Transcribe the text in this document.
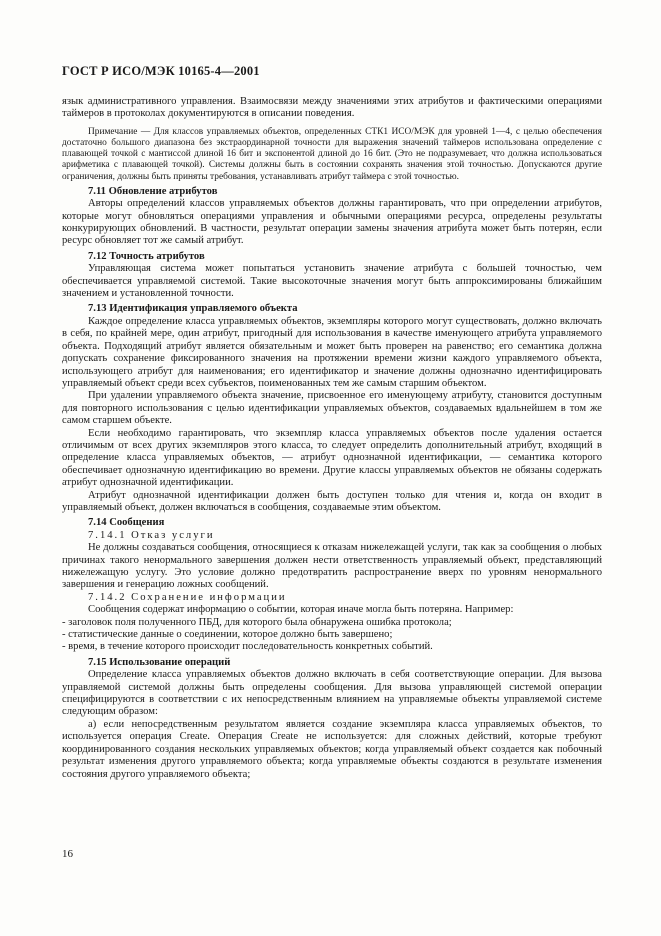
ГОСТ Р ИСО/МЭК 10165-4—2001

язык административного управления. Взаимосвязи между значениями этих атрибутов и фактическими операциями таймеров в протоколах документируются в описании поведения.

Примечание — Для классов управляемых объектов, определенных СТК1 ИСО/МЭК для уровней 1—4, с целью обеспечения достаточно большого диапазона без экстраординарной точности для выражения значений таймеров использована определение с плавающей точкой с мантиссой длиной 16 бит и экспонентой длиной до 16 бит. (Это не подразумевает, что должна использоваться арифметика с плавающей точкой). Системы должны быть в состоянии сохранять значения этой точностью. Допускаются другие ограничения, должны быть приняты требования, устанавливать атрибут таймера с этой точностью.

7.11 Обновление атрибутов

Авторы определений классов управляемых объектов должны гарантировать, что при определении атрибутов, которые могут обновляться операциями управления и обычными операциями ресурса, определены результаты конкурирующих обновлений. В частности, результат операции замены значения атрибута может быть потерян, если ресурс обновляет тот же самый атрибут.

7.12 Точность атрибутов

Управляющая система может попытаться установить значение атрибута с большей точностью, чем обеспечивается управляемой системой. Такие высокоточные значения могут быть аппроксимированы ближайшим значением и установленной точности.

7.13 Идентификация управляемого объекта

Каждое определение класса управляемых объектов, экземпляры которого могут существовать, должно включать в себя, по крайней мере, один атрибут, пригодный для использования в качестве именующего атрибута управляемого объекта. Подходящий атрибут является обязательным и может быть проверен на равенство; его семантика должна допускать сохранение фиксированного значения на протяжении времени жизни каждого управляемого объекта, использующего атрибут для наименования; его идентификатор и значение должны однозначно идентифицировать управляемый объект среди всех субъектов, поименованных тем же самым старшим объектом.

При удалении управляемого объекта значение, присвоенное его именующему атрибуту, становится доступным для повторного использования с целью идентификации управляемых объектов, создаваемых вдальнейшем в том же самом старшем объекте.

Если необходимо гарантировать, что экземпляр класса управляемых объектов после удаления остается отличимым от всех других экземпляров этого класса, то следует определить дополнительный атрибут, входящий в определение класса управляемых объектов, — атрибут однозначной идентификации, — семантика которого обеспечивает однозначную идентификацию во времени. Другие классы управляемых объектов не обязаны содержать атрибут однозначной идентификации.

Атрибут однозначной идентификации должен быть доступен только для чтения и, когда он входит в управляемый объект, должен включаться в сообщения, создаваемые этим объектом.

7.14 Сообщения

7.14.1 Отказ услуги

Не должны создаваться сообщения, относящиеся к отказам нижележащей услуги, так как за сообщения о любых причинах такого ненормального завершения должен нести ответственность управляемый объект, представляющий нижележащую услугу. Это условие должно предотвратить распространение вверх по уровням ненормального завершения и генерацию ложных сообщений.

7.14.2 Сохранение информации

Сообщения содержат информацию о событии, которая иначе могла быть потеряна. Например:

- заголовок поля полученного ПБД, для которого была обнаружена ошибка протокола;

- статистические данные о соединении, которое должно быть завершено;

- время, в течение которого происходит последовательность конкретных событий.

7.15 Использование операций

Определение класса управляемых объектов должно включать в себя соответствующие операции. Для вызова управляемой системой должны быть определены сообщения. Для вызова управляющей системой операции специфицируются в соответствии с их непосредственным влиянием на управляемые объекты управляемой системе следующим образом:

а) если непосредственным результатом является создание экземпляра класса управляемых объектов, то используется операция Create. Операция Create не используется: для сложных действий, которые требуют координированного создания нескольких управляемых объектов; когда управляемый объект создается как побочный результат изменения другого управляемого объекта; когда управляемые объекты создаются в результате изменения состояния другого управляемого объекта;

16
